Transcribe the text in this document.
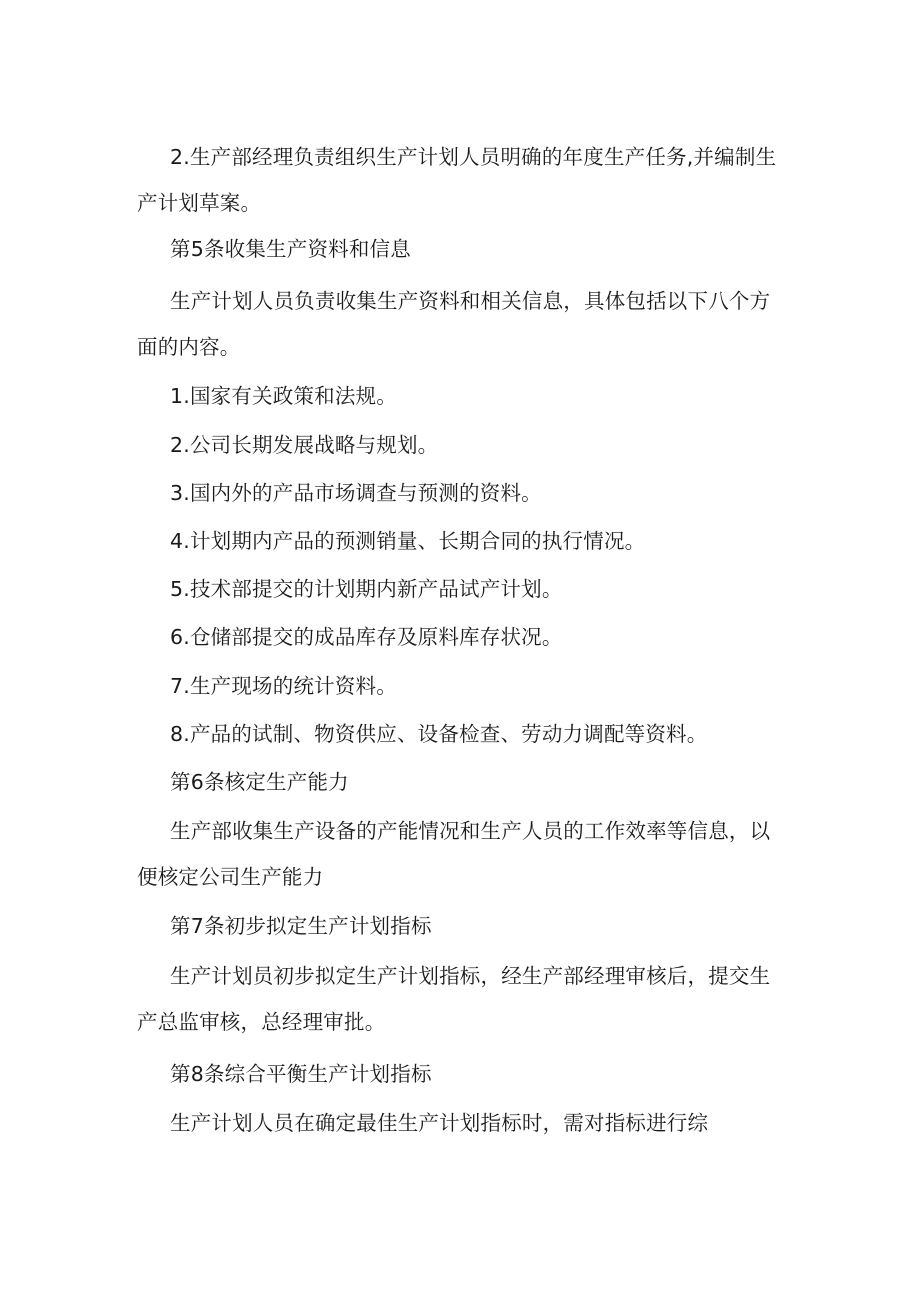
2.生产部经理负责组织生产计划人员明确的年度生产任务,并编制生产计划草案。

第5条收集生产资料和信息

生产计划人员负责收集生产资料和相关信息，具体包括以下八个方面的内容。

1.国家有关政策和法规。

2.公司长期发展战略与规划。

3.国内外的产品市场调查与预测的资料。

4.计划期内产品的预测销量、长期合同的执行情况。

5.技术部提交的计划期内新产品试产计划。

6.仓储部提交的成品库存及原料库存状况。

7.生产现场的统计资料。

8.产品的试制、物资供应、设备检查、劳动力调配等资料。

第6条核定生产能力

生产部收集生产设备的产能情况和生产人员的工作效率等信息，以便核定公司生产能力

第7条初步拟定生产计划指标

生产计划员初步拟定生产计划指标，经生产部经理审核后，提交生产总监审核，总经理审批。

第8条综合平衡生产计划指标

生产计划人员在确定最佳生产计划指标时，需对指标进行综
